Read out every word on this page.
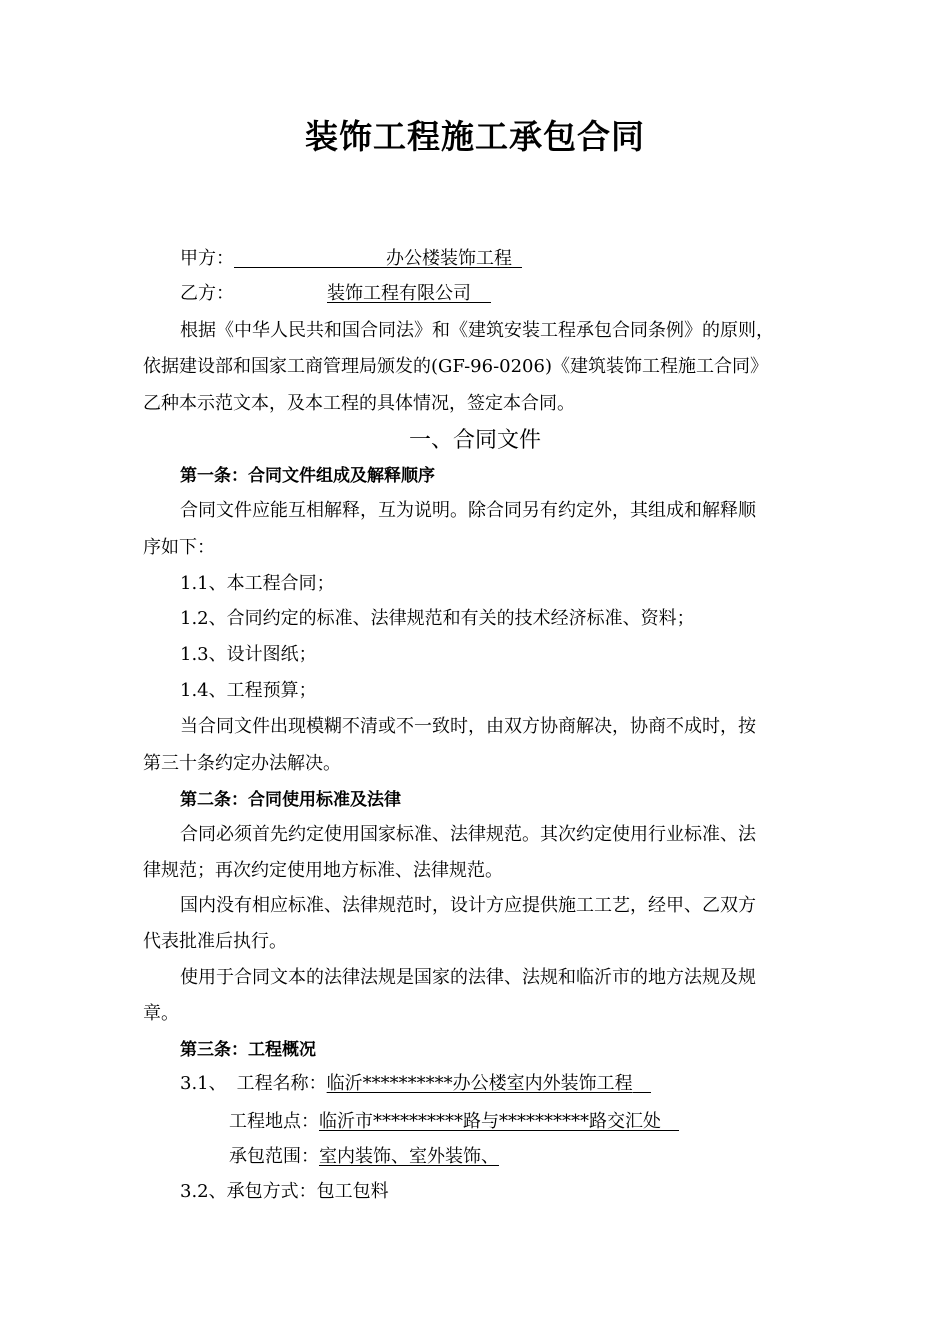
装饰工程施工承包合同
甲方：	办公楼装饰工程
乙方：	装饰工程有限公司
根据《中华人民共和国合同法》和《建筑安装工程承包合同条例》的原则，
依据建设部和国家工商管理局颁发的(GF-96-0206)《建筑装饰工程施工合同》
乙种本示范文本，及本工程的具体情况，签定本合同。
一、合同文件
第一条：合同文件组成及解释顺序
合同文件应能互相解释，互为说明。除合同另有约定外，其组成和解释顺
序如下：
1.1、本工程合同；
1.2、合同约定的标准、法律规范和有关的技术经济标准、资料；
1.3、设计图纸；
1.4、工程预算；
当合同文件出现模糊不清或不一致时，由双方协商解决，协商不成时，按
第三十条约定办法解决。
第二条：合同使用标准及法律
合同必须首先约定使用国家标准、法律规范。其次约定使用行业标准、法
律规范；再次约定使用地方标准、法律规范。
国内没有相应标准、法律规范时，设计方应提供施工工艺，经甲、乙双方
代表批准后执行。
使用于合同文本的法律法规是国家的法律、法规和临沂市的地方法规及规
章。
第三条：工程概况
3.1、 工程名称：临沂**********办公楼室内外装饰工程
工程地点：临沂市**********路与**********路交汇处
承包范围：室内装饰、室外装饰、
3.2、承包方式：包工包料
